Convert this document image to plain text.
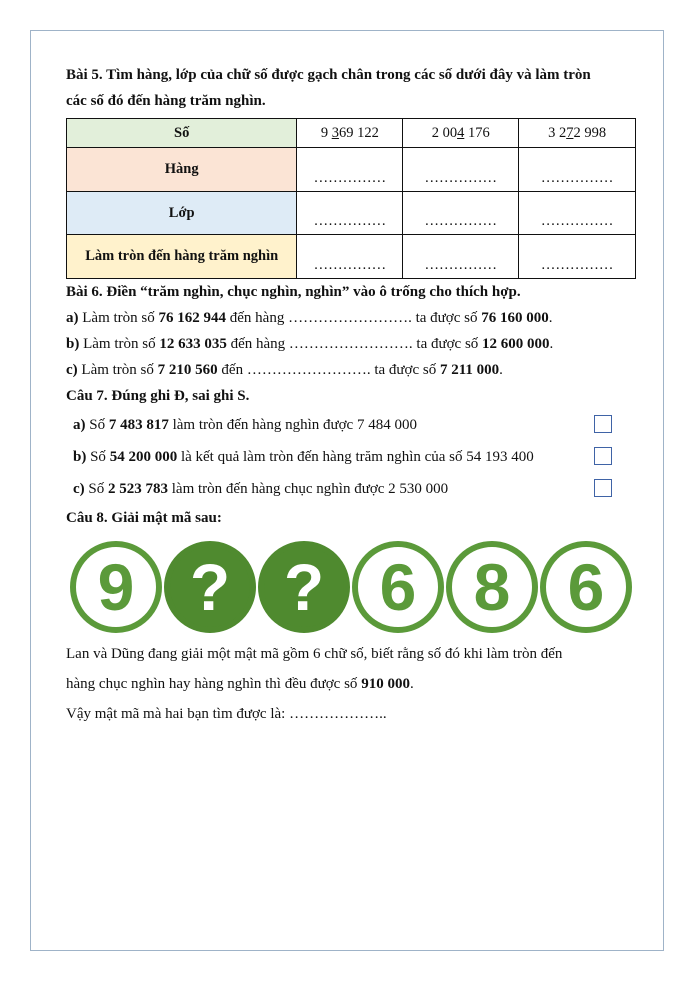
Bài 5. Tìm hàng, lớp của chữ số được gạch chân trong các số dưới đây và làm tròn

các số đó đến hàng trăm nghìn.

Số	9 369 122	2 004 176	3 272 998
Hàng	……………	……………	……………
Lớp	……………	……………	……………
Làm tròn đến hàng trăm nghìn	……………	……………	……………

Bài 6. Điền “trăm nghìn, chục nghìn, nghìn” vào ô trống cho thích hợp.

a) Làm tròn số 76 162 944 đến hàng ……………………. ta được số 76 160 000.

b) Làm tròn số 12 633 035 đến hàng ……………………. ta được số 12 600 000.

c) Làm tròn số 7 210 560 đến ……………………. ta được số 7 211 000.

Câu 7. Đúng ghi Đ, sai ghi S.

a) Số 7 483 817 làm tròn đến hàng nghìn được 7 484 000
b) Số 54 200 000 là kết quả làm tròn đến hàng trăm nghìn của số 54 193 400
c) Số 2 523 783 làm tròn đến hàng chục nghìn được 2 530 000

Câu 8. Giải mật mã sau:

9 ? ? 6 8 6

Lan và Dũng đang giải một mật mã gồm 6 chữ số, biết rằng số đó khi làm tròn đến

hàng chục nghìn hay hàng nghìn thì đều được số 910 000.

Vậy mật mã mà hai bạn tìm được là: ………………..
